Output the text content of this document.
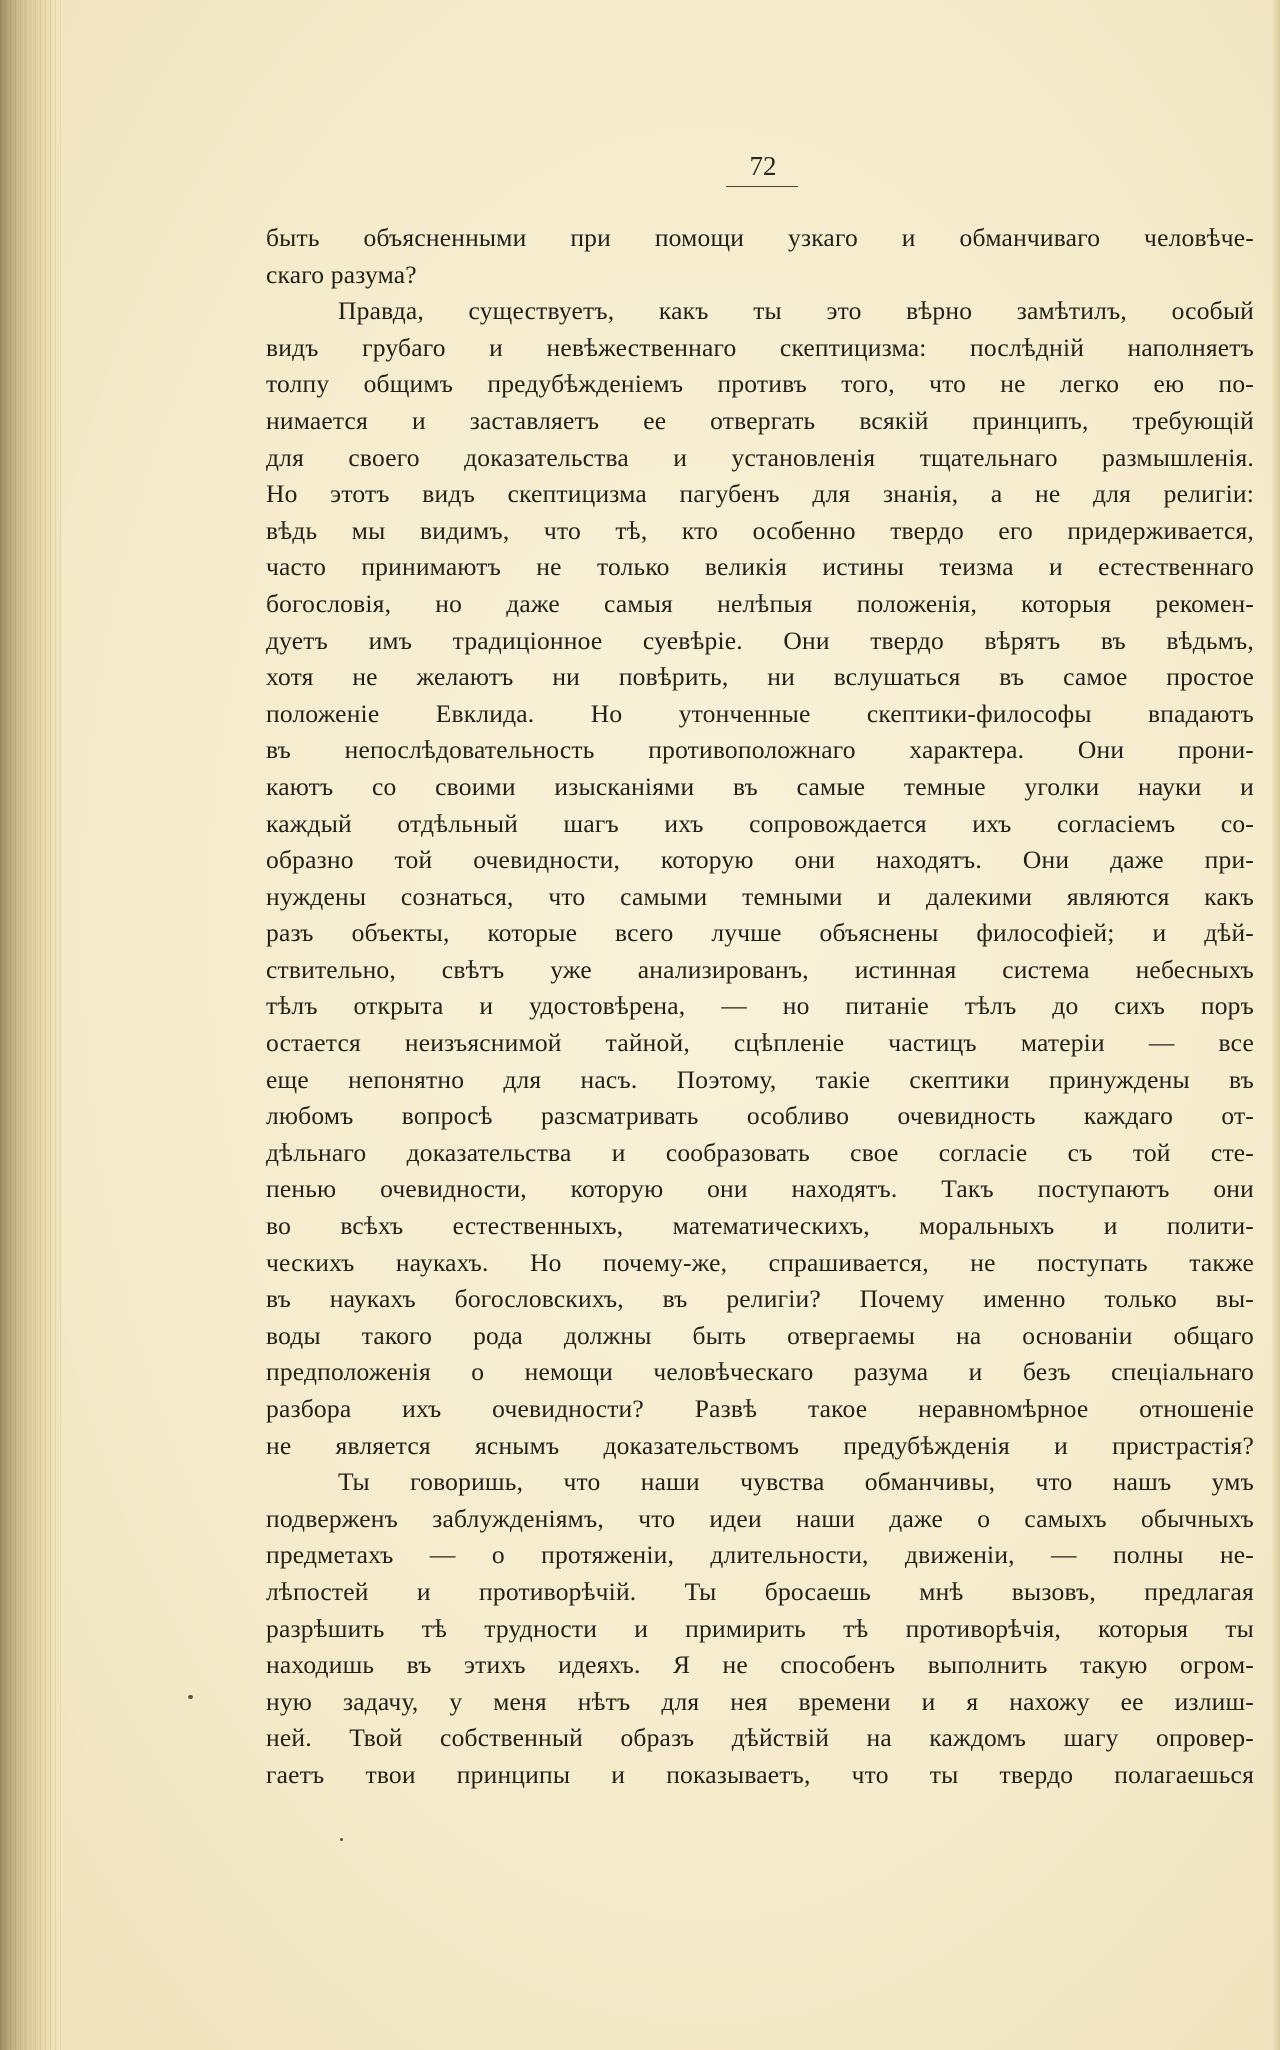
72
быть объясненными при помощи узкаго и обманчиваго человѣче-
скаго разума?
Правда, существуетъ, какъ ты это вѣрно замѣтилъ, особый
видъ грубаго и невѣжественнаго скептицизма: послѣдній наполняетъ
толпу общимъ предубѣжденіемъ противъ того, что не легко ею по-
нимается и заставляетъ ее отвергать всякій принципъ, требующій
для своего доказательства и установленія тщательнаго размышленія.
Но этотъ видъ скептицизма пагубенъ для знанія, а не для религіи:
вѣдь мы видимъ, что тѣ, кто особенно твердо его придерживается,
часто принимаютъ не только великія истины теизма и естественнаго
богословія, но даже самыя нелѣпыя положенія, которыя рекомен-
дуетъ имъ традиціонное суевѣріе. Они твердо вѣрятъ въ вѣдьмъ,
хотя не желаютъ ни повѣрить, ни вслушаться въ самое простое
положеніе Евклида. Но утонченные скептики-философы впадаютъ
въ непослѣдовательность противоположнаго характера. Они прони-
каютъ со своими изысканіями въ самые темные уголки науки и
каждый отдѣльный шагъ ихъ сопровождается ихъ согласіемъ со-
образно той очевидности, которую они находятъ. Они даже при-
нуждены сознаться, что самыми темными и далекими являются какъ
разъ объекты, которые всего лучше объяснены философіей; и дѣй-
ствительно, свѣтъ уже анализированъ, истинная система небесныхъ
тѣлъ открыта и удостовѣрена, — но питаніе тѣлъ до сихъ поръ
остается неизъяснимой тайной, сцѣпленіе частицъ матеріи — все
еще непонятно для насъ. Поэтому, такіе скептики принуждены въ
любомъ вопросѣ разсматривать особливо очевидность каждаго от-
дѣльнаго доказательства и сообразовать свое согласіе съ той сте-
пенью очевидности, которую они находятъ. Такъ поступаютъ они
во всѣхъ естественныхъ, математическихъ, моральныхъ и полити-
ческихъ наукахъ. Но почему-же, спрашивается, не поступать также
въ наукахъ богословскихъ, въ религіи? Почему именно только вы-
воды такого рода должны быть отвергаемы на основаніи общаго
предположенія о немощи человѣческаго разума и безъ спеціальнаго
разбора ихъ очевидности? Развѣ такое неравномѣрное отношеніе
не является яснымъ доказательствомъ предубѣжденія и пристрастія?
Ты говоришь, что наши чувства обманчивы, что нашъ умъ
подверженъ заблужденіямъ, что идеи наши даже о самыхъ обычныхъ
предметахъ — о протяженіи, длительности, движеніи, — полны не-
лѣпостей и противорѣчій. Ты бросаешь мнѣ вызовъ, предлагая
разрѣшить тѣ трудности и примирить тѣ противорѣчія, которыя ты
находишь въ этихъ идеяхъ. Я не способенъ выполнить такую огром-
ную задачу, у меня нѣтъ для нея времени и я нахожу ее излиш-
ней. Твой собственный образъ дѣйствій на каждомъ шагу опровер-
гаетъ твои принципы и показываетъ, что ты твердо полагаешься
